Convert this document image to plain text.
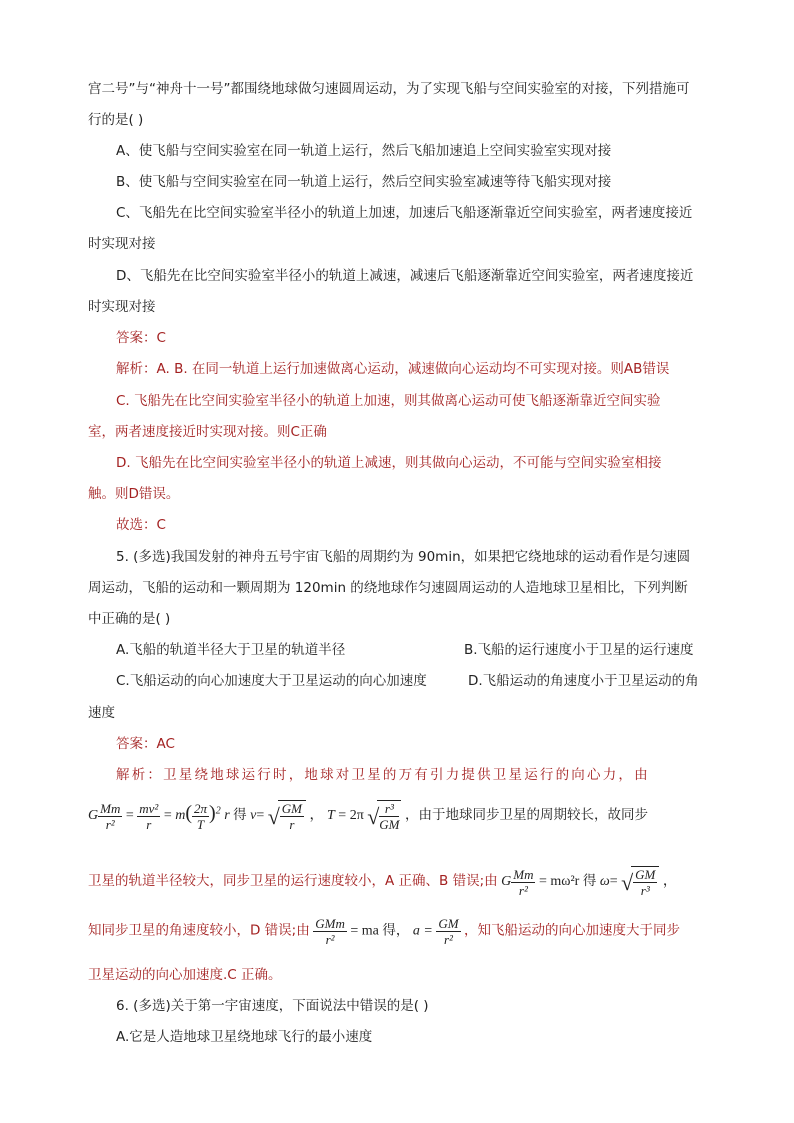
宫二号”与“神舟十一号”都围绕地球做匀速圆周运动，为了实现飞船与空间实验室的对接，下列措施可
行的是( )
A、使飞船与空间实验室在同一轨道上运行，然后飞船加速追上空间实验室实现对接
B、使飞船与空间实验室在同一轨道上运行，然后空间实验室减速等待飞船实现对接
C、飞船先在比空间实验室半径小的轨道上加速，加速后飞船逐渐靠近空间实验室，两者速度接近
时实现对接
D、飞船先在比空间实验室半径小的轨道上减速，减速后飞船逐渐靠近空间实验室，两者速度接近
时实现对接
答案：C
解析：A. B. 在同一轨道上运行加速做离心运动，减速做向心运动均不可实现对接。则AB错误
C. 飞船先在比空间实验室半径小的轨道上加速，则其做离心运动可使飞船逐渐靠近空间实验
室，两者速度接近时实现对接。则C正确
D. 飞船先在比空间实验室半径小的轨道上减速，则其做向心运动，不可能与空间实验室相接
触。则D错误。
故选：C
5. (多选)我国发射的神舟五号宇宙飞船的周期约为 90min，如果把它绕地球的运动看作是匀速圆
周运动，飞船的运动和一颗周期为 120min 的绕地球作匀速圆周运动的人造地球卫星相比，下列判断
中正确的是( )
A.飞船的轨道半径大于卫星的轨道半径	B.飞船的运行速度小于卫星的运行速度
C.飞船运动的向心加速度大于卫星运动的向心加速度	D.飞船运动的角速度小于卫星运动的角
速度
答案：AC
解析：卫星绕地球运行时，地球对卫星的万有引力提供卫星运行的向心力，由
G $\frac{Mm}{\text{r²}} = \frac{\text{mv²}}{r} = m( \frac{2\pi}{T} )^2$ r 得 v= √ $\frac{GM}{r}$ ， T = 2π √ $\frac{\text{r³}}{GM}$ ，由于地球同步卫星的周期较长，故同步
卫星的轨道半径较大，同步卫星的运行速度较小，A 正确、B 错误;由 G $\frac{Mm}{\text{r²}} = m\omega^2r$ 得 ω= √ $\frac{GM}{\text{r³}}$ ，
知同步卫星的角速度较小，D 错误;由 $\frac{\text{GMm}}{\text{r²}}$ = ma 得， $a = \frac{GM}{\text{r²}}$ ，知飞船运动的向心加速度大于同步
卫星运动的向心加速度.C 正确。
6. (多选)关于第一宇宙速度，下面说法中错误的是( )
A.它是人造地球卫星绕地球飞行的最小速度
